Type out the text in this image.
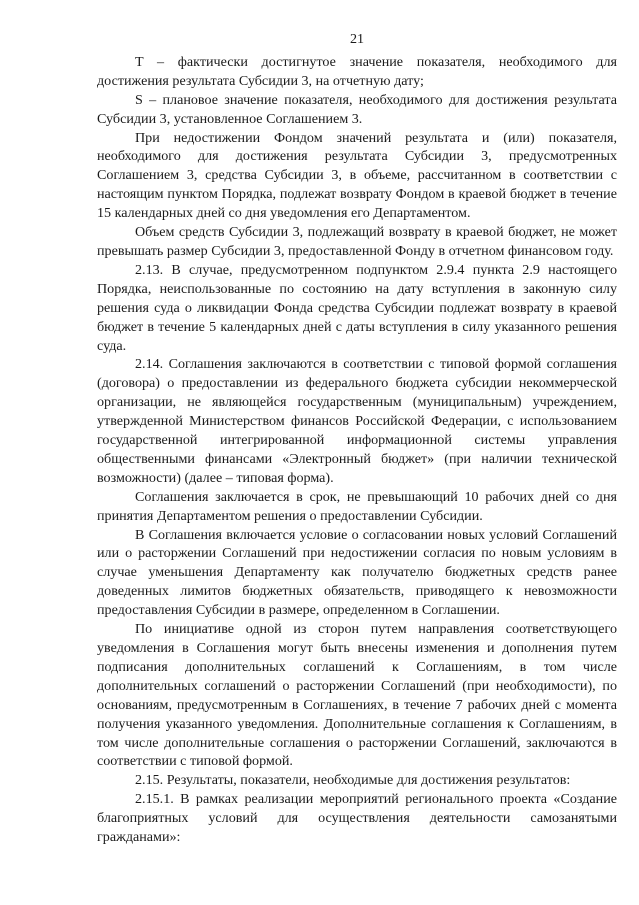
21

T – фактически достигнутое значение показателя, необходимого для достижения результата Субсидии 3, на отчетную дату;

S – плановое значение показателя, необходимого для достижения результата Субсидии 3, установленное Соглашением 3.

При недостижении Фондом значений результата и (или) показателя, необходимого для достижения результата Субсидии 3, предусмотренных Соглашением 3, средства Субсидии 3, в объеме, рассчитанном в соответствии с настоящим пунктом Порядка, подлежат возврату Фондом в краевой бюджет в течение 15 календарных дней со дня уведомления его Департаментом.

Объем средств Субсидии 3, подлежащий возврату в краевой бюджет, не может превышать размер Субсидии 3, предоставленной Фонду в отчетном финансовом году.

2.13. В случае, предусмотренном подпунктом 2.9.4 пункта 2.9 настоящего Порядка, неиспользованные по состоянию на дату вступления в законную силу решения суда о ликвидации Фонда средства Субсидии подлежат возврату в краевой бюджет в течение 5 календарных дней с даты вступления в силу указанного решения суда.

2.14. Соглашения заключаются в соответствии с типовой формой соглашения (договора) о предоставлении из федерального бюджета субсидии некоммерческой организации, не являющейся государственным (муниципальным) учреждением, утвержденной Министерством финансов Российской Федерации, с использованием государственной интегрированной информационной системы управления общественными финансами «Электронный бюджет» (при наличии технической возможности) (далее – типовая форма).

Соглашения заключается в срок, не превышающий 10 рабочих дней со дня принятия Департаментом решения о предоставлении Субсидии.

В Соглашения включается условие о согласовании новых условий Соглашений или о расторжении Соглашений при недостижении согласия по новым условиям в случае уменьшения Департаменту как получателю бюджетных средств ранее доведенных лимитов бюджетных обязательств, приводящего к невозможности предоставления Субсидии в размере, определенном в Соглашении.

По инициативе одной из сторон путем направления соответствующего уведомления в Соглашения могут быть внесены изменения и дополнения путем подписания дополнительных соглашений к Соглашениям, в том числе дополнительных соглашений о расторжении Соглашений (при необходимости), по основаниям, предусмотренным в Соглашениях, в течение 7 рабочих дней с момента получения указанного уведомления. Дополнительные соглашения к Соглашениям, в том числе дополнительные соглашения о расторжении Соглашений, заключаются в соответствии с типовой формой.

2.15. Результаты, показатели, необходимые для достижения результатов:

2.15.1. В рамках реализации мероприятий регионального проекта «Создание благоприятных условий для осуществления деятельности самозанятыми гражданами»:
